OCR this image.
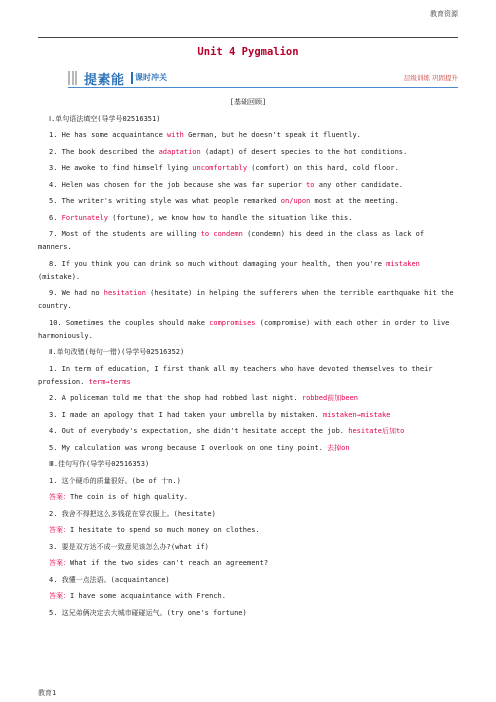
教育资源
Unit 4 Pygmalion
提素能 课时冲关	层级训练 巩固提升

[基础回顾]

Ⅰ.单句语法填空(导学号02516351)

1. He has some acquaintance with German, but he doesn't speak it fluently.

2. The book described the adaptation (adapt) of desert species to the hot conditions.

3. He awoke to find himself lying uncomfortably (comfort) on this hard, cold floor.

4. Helen was chosen for the job because she was far superior to any other candidate.

5. The writer's writing style was what people remarked on/upon most at the meeting.

6. Fortunately (fortune), we know how to handle the situation like this.

7. Most of the students are willing to condemn (condemn) his deed in the class as lack of manners.

8. If you think you can drink so much without damaging your health, then you're mistaken (mistake).

9. We had no hesitation (hesitate) in helping the sufferers when the terrible earthquake hit the country.

10. Sometimes the couples should make compromises (compromise) with each other in order to live harmoniously.

Ⅱ.单句改错(每句一错)(导学号02516352)

1. In term of education, I first thank all my teachers who have devoted themselves to their profession. term→terms

2. A policeman told me that the shop had robbed last night. robbed前加been

3. I made an apology that I had taken your umbrella by mistaken. mistaken→mistake

4. Out of everybody's expectation, she didn't hesitate accept the job. hesitate后加to

5. My calculation was wrong because I overlook on one tiny point. 去掉on

Ⅲ.佳句写作(导学号02516353)

1. 这个硬币的质量很好。(be of 十n.)

答案：The coin is of high quality.

2. 我舍不得把这么多钱花在穿衣服上。(hesitate)

答案：I hesitate to spend so much money on clothes.

3. 要是双方达不成一致意见该怎么办?(what if)

答案：What if the two sides can't reach an agreement?

4. 我懂一点法语。(acquaintance)

答案：I have some acquaintance with French.

5. 这兄弟俩决定去大城市碰碰运气。(try one's fortune)

教育1
